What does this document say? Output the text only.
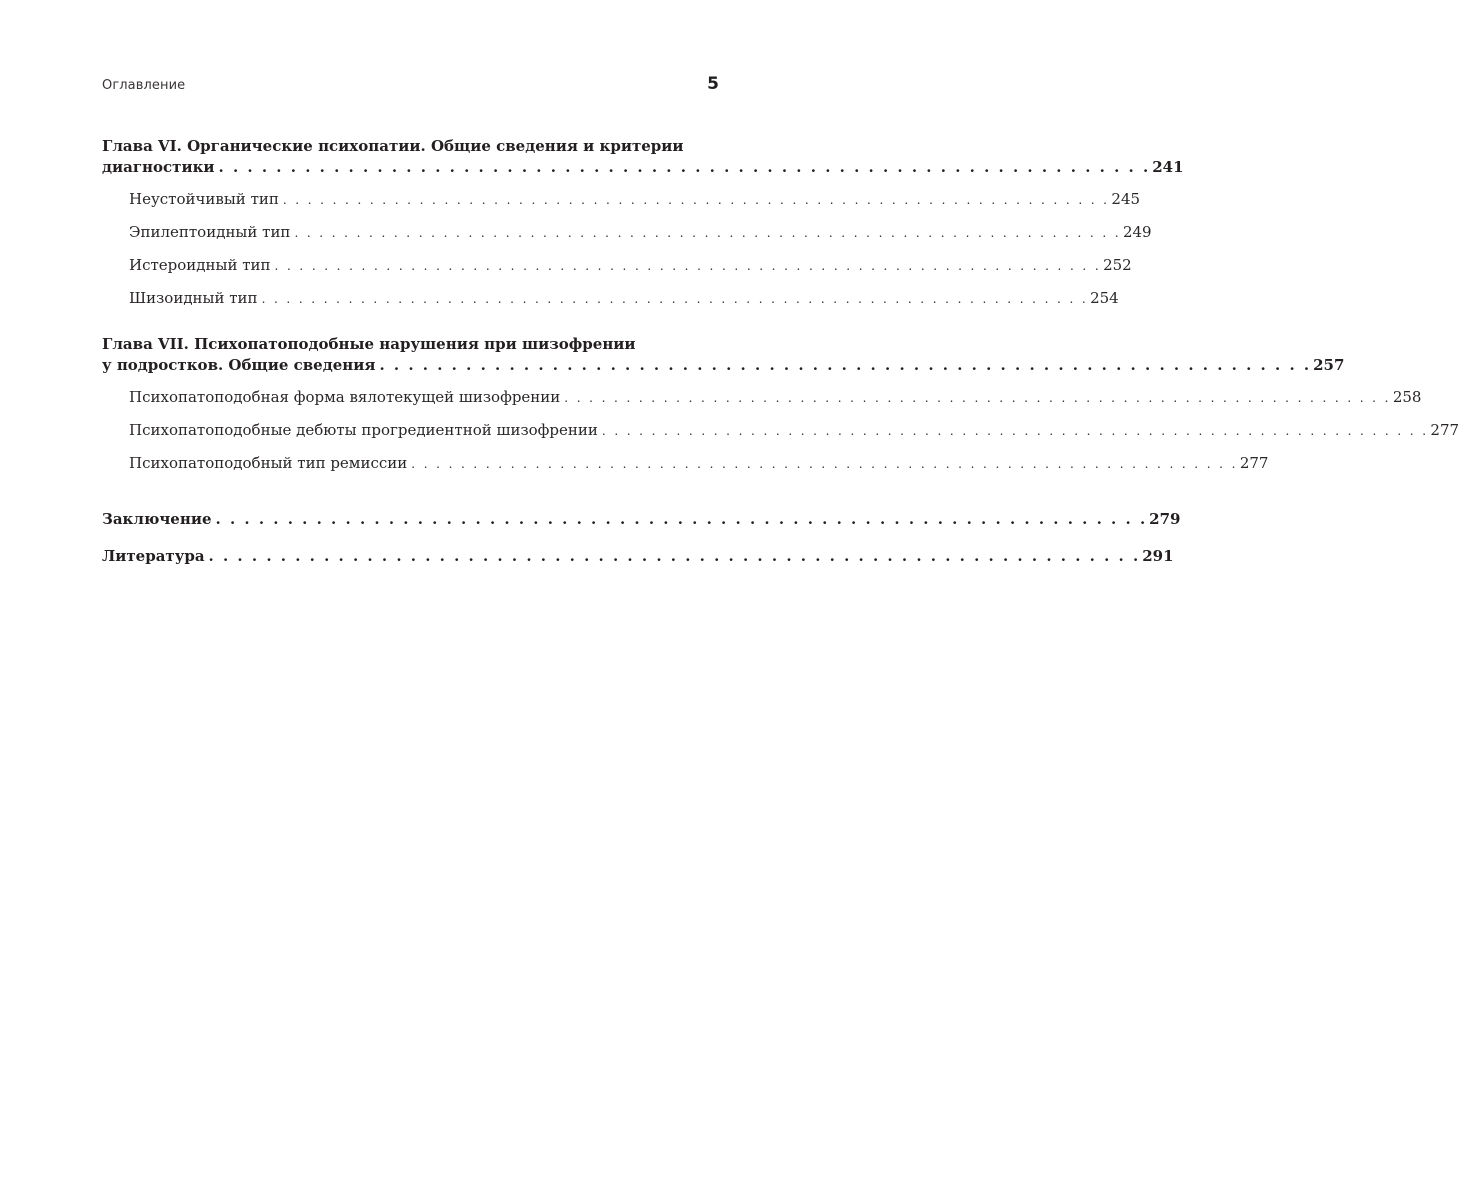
Оглавление	5
Глава VI. Органические психопатии. Общие сведения и критерии
диагностики . . . . . . . . . . . . . . . . . . . . . . . . . . . . . . . . . . . . . . . . . . . . . . . . . . . . . . . . . . . . . . . . . 241
Неустойчивый тип . . . . . . . . . . . . . . . . . . . . . . . . . . . . . . . . . . . . . . . . . . . . . . . . . . . . . . . . . . . . . . . . . . . 245
Эпилептоидный тип . . . . . . . . . . . . . . . . . . . . . . . . . . . . . . . . . . . . . . . . . . . . . . . . . . . . . . . . . . . . . . . . . . . 249
Истероидный тип . . . . . . . . . . . . . . . . . . . . . . . . . . . . . . . . . . . . . . . . . . . . . . . . . . . . . . . . . . . . . . . . . . . 252
Шизоидный тип . . . . . . . . . . . . . . . . . . . . . . . . . . . . . . . . . . . . . . . . . . . . . . . . . . . . . . . . . . . . . . . . . . . 254
Глава VII. Психопатоподобные нарушения при шизофрении
у подростков. Общие сведения . . . . . . . . . . . . . . . . . . . . . . . . . . . . . . . . . . . . . . . . . . . . . . . . . . . . . . . . . . . . . . . . . 257
Психопатоподобная форма вялотекущей шизофрении . . . . . . . . . . . . . . . . . . . . . . . . . . . . . . . . . . . . . . . . . . . . . . . . . . . . . . . . . . . . . . . . . . . 258
Психопатоподобные дебюты прогредиентной шизофрении . . . . . . . . . . . . . . . . . . . . . . . . . . . . . . . . . . . . . . . . . . . . . . . . . . . . . . . . . . . . . . . . . . . 277
Психопатоподобный тип ремиссии . . . . . . . . . . . . . . . . . . . . . . . . . . . . . . . . . . . . . . . . . . . . . . . . . . . . . . . . . . . . . . . . . . . 277
Заключение . . . . . . . . . . . . . . . . . . . . . . . . . . . . . . . . . . . . . . . . . . . . . . . . . . . . . . . . . . . . . . . . . 279
Литература . . . . . . . . . . . . . . . . . . . . . . . . . . . . . . . . . . . . . . . . . . . . . . . . . . . . . . . . . . . . . . . . . 291
